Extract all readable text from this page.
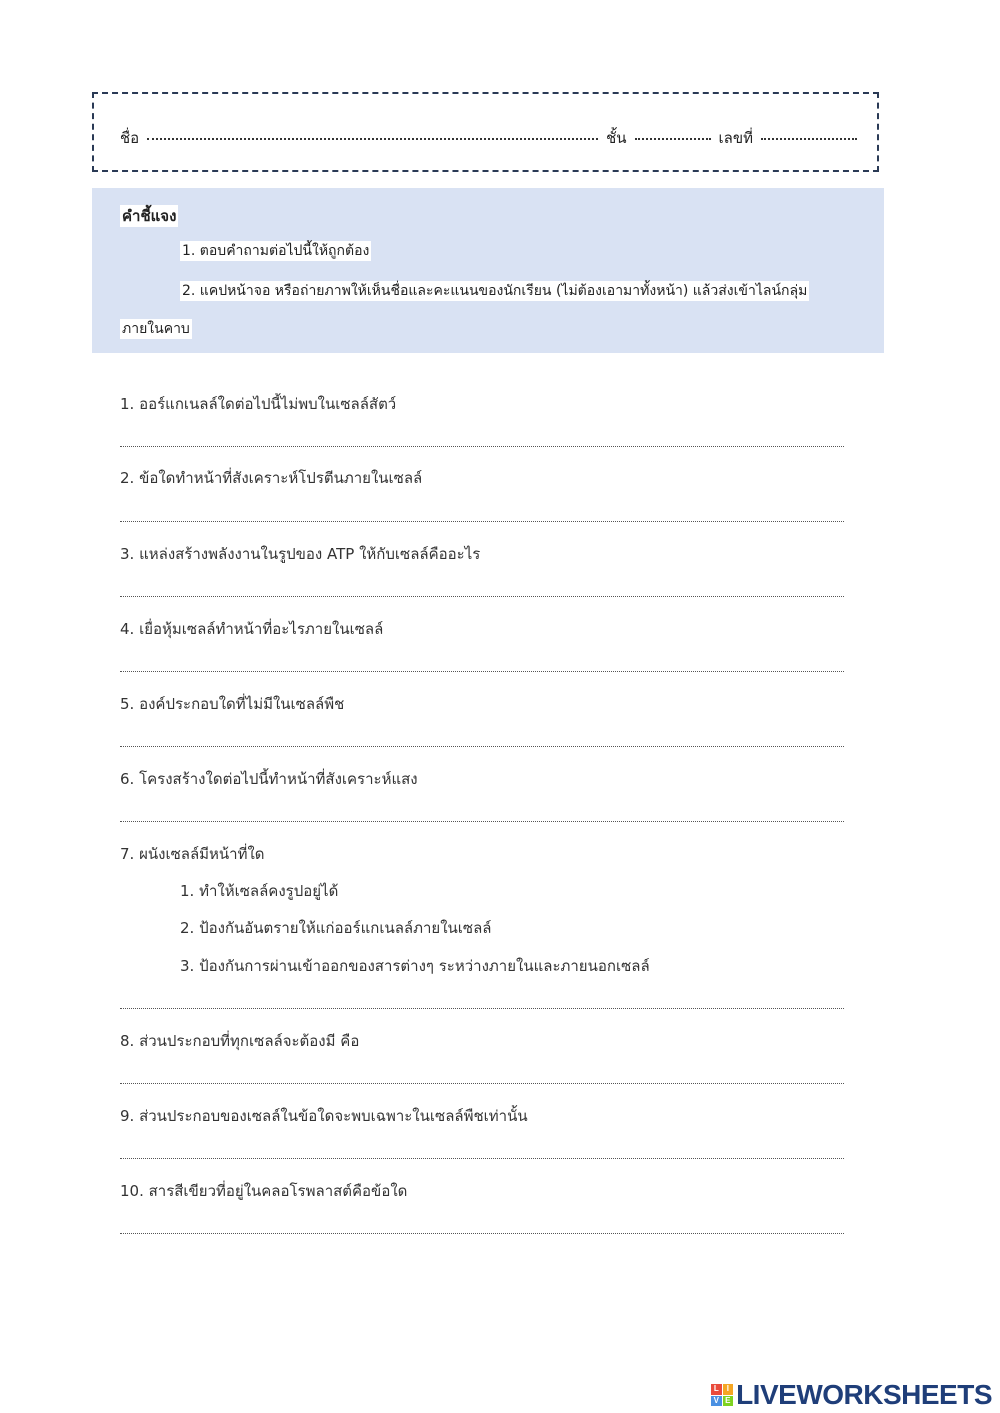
ชื่อ	ชั้น	เลขที่
คำชี้แจง
1. ตอบคำถามต่อไปนี้ให้ถูกต้อง
2. แคปหน้าจอ หรือถ่ายภาพให้เห็นชื่อและคะแนนของนักเรียน (ไม่ต้องเอามาทั้งหน้า) แล้วส่งเข้าไลน์กลุ่ม
ภายในคาบ
1. ออร์แกเนลล์ใดต่อไปนี้ไม่พบในเซลล์สัตว์
2. ข้อใดทำหน้าที่สังเคราะห์โปรตีนภายในเซลล์
3. แหล่งสร้างพลังงานในรูปของ ATP ให้กับเซลล์คืออะไร
4. เยื่อหุ้มเซลล์ทำหน้าที่อะไรภายในเซลล์
5. องค์ประกอบใดที่ไม่มีในเซลล์พืช
6. โครงสร้างใดต่อไปนี้ทำหน้าที่สังเคราะห์แสง
7. ผนังเซลล์มีหน้าที่ใด
1. ทำให้เซลล์คงรูปอยู่ได้
2. ป้องกันอันตรายให้แก่ออร์แกเนลล์ภายในเซลล์
3. ป้องกันการผ่านเข้าออกของสารต่างๆ ระหว่างภายในและภายนอกเซลล์
8. ส่วนประกอบที่ทุกเซลล์จะต้องมี คือ
9. ส่วนประกอบของเซลล์ในข้อใดจะพบเฉพาะในเซลล์พืชเท่านั้น
10. สารสีเขียวที่อยู่ในคลอโรพลาสต์คือข้อใด
L I
V E LIVEWORKSHEETS
